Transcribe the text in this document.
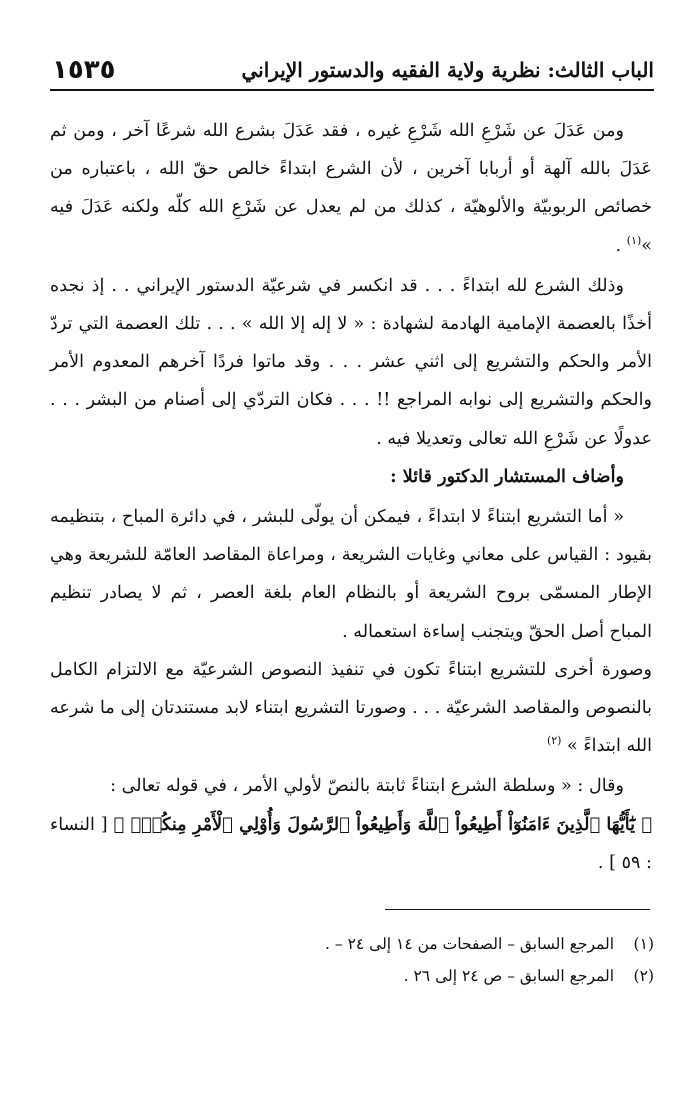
١٥٣٥	الباب الثالث: نظرية ولاية الفقيه والدستور الإيراني

ومن عَدَلَ عن شَرْعِ الله شَرْعِ غيره ، فقد عَدَلَ بشرع الله شرعًا آخر ، ومن ثم عَدَلَ بالله آلهة أو أربابا آخرين ، لأن الشرع ابتداءً خالص حقّ الله ، باعتباره من خصائص الربوبيّة والألوهيّة ، كذلك من لم يعدل عن شَرْعِ الله كلّه ولكنه عَدَلَ فيه »$^{(١)}$ .

وذلك الشرع لله ابتداءً . . . قد انكسر في شرعيّة الدستور الإيراني . . إذ نجده أخذًا بالعصمة الإمامية الهادمة لشهادة : « لا إله إلا الله » . . . تلك العصمة التي تردّ الأمر والحكم والتشريع إلى اثني عشر . . . وقد ماتوا فردًا آخرهم المعدوم الأمر والحكم والتشريع إلى نوابه المراجع !! . . . فكان التردّي إلى أصنام من البشر . . . عدولًا عن شَرْعِ الله تعالى وتعديلا فيه .

وأضاف المستشار الدكتور قائلا :

« أما التشريع ابتناءً لا ابتداءً ، فيمكن أن يولّى للبشر ، في دائرة المباح ، بتنظيمه بقيود : القياس على معاني وغايات الشريعة ، ومراعاة المقاصد العامّة للشريعة وهي الإطار المسمّى بروح الشريعة أو بالنظام العام بلغة العصر ، ثم لا يصادر تنظيم المباح أصل الحقّ ويتجنب إساءة استعماله .

وصورة أخرى للتشريع ابتناءً تكون في تنفيذ النصوص الشرعيّة مع الالتزام الكامل بالنصوص والمقاصد الشرعيّة . . . وصورتا التشريع ابتناء لابد مستندتان إلى ما شرعه الله ابتداءً » $^{(٢)}$

وقال : « وسلطة الشرع ابتناءً ثابتة بالنصّ لأولي الأمر ، في قوله تعالى :

﴿ يَٰٓأَيُّهَا ٱلَّذِينَ ءَامَنُوٓاْ أَطِيعُواْ ٱللَّهَ وَأَطِيعُواْ ٱلرَّسُولَ وَأُوْلِي ٱلْأَمْرِ مِنكُمْۖ ﴾ [ النساء : ٥٩ ] .

(١)
المرجع السابق – الصفحات من ١٤ إلى ٢٤ – .
(٢)
المرجع السابق – ص ٢٤ إلى ٢٦ .
